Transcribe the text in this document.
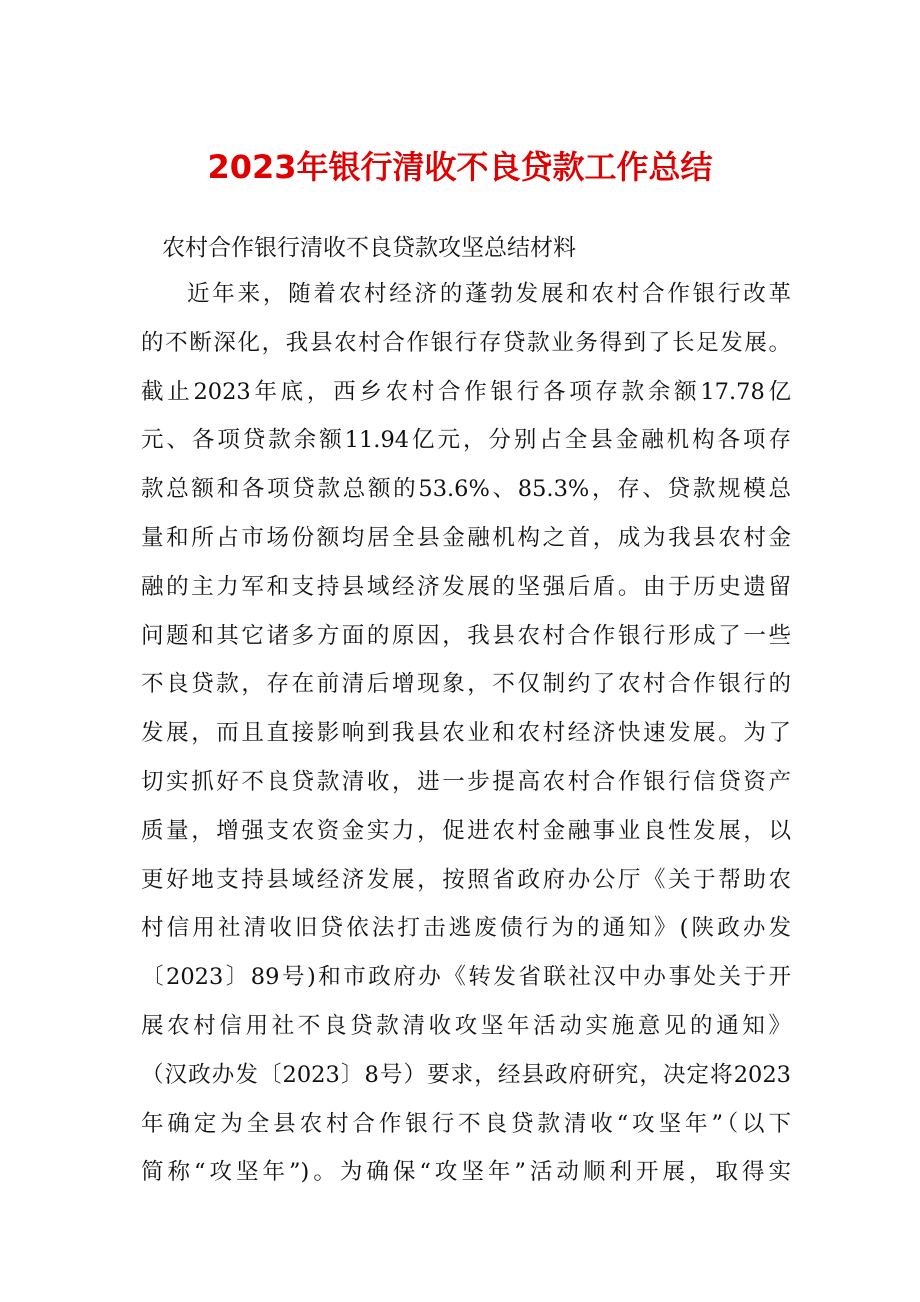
2023年银行清收不良贷款工作总结

农村合作银行清收不良贷款攻坚总结材料

近年来，随着农村经济的蓬勃发展和农村合作银行改革
的不断深化，我县农村合作银行存贷款业务得到了长足发展。
截止2023年底，西乡农村合作银行各项存款余额17.78亿
元、各项贷款余额11.94亿元，分别占全县金融机构各项存
款总额和各项贷款总额的53.6%、85.3%，存、贷款规模总
量和所占市场份额均居全县金融机构之首，成为我县农村金
融的主力军和支持县域经济发展的坚强后盾。由于历史遗留
问题和其它诸多方面的原因，我县农村合作银行形成了一些
不良贷款，存在前清后增现象，不仅制约了农村合作银行的
发展，而且直接影响到我县农业和农村经济快速发展。为了
切实抓好不良贷款清收，进一步提高农村合作银行信贷资产
质量，增强支农资金实力，促进农村金融事业良性发展，以
更好地支持县域经济发展，按照省政府办公厅《关于帮助农
村信用社清收旧贷依法打击逃废债行为的通知》(陕政办发
〔2023〕89号)和市政府办《转发省联社汉中办事处关于开
展农村信用社不良贷款清收攻坚年活动实施意见的通知》
（汉政办发〔2023〕8号）要求，经县政府研究，决定将2023
年确定为全县农村合作银行不良贷款清收“攻坚年”（以下
简称“攻坚年”)。为确保“攻坚年”活动顺利开展，取得实
